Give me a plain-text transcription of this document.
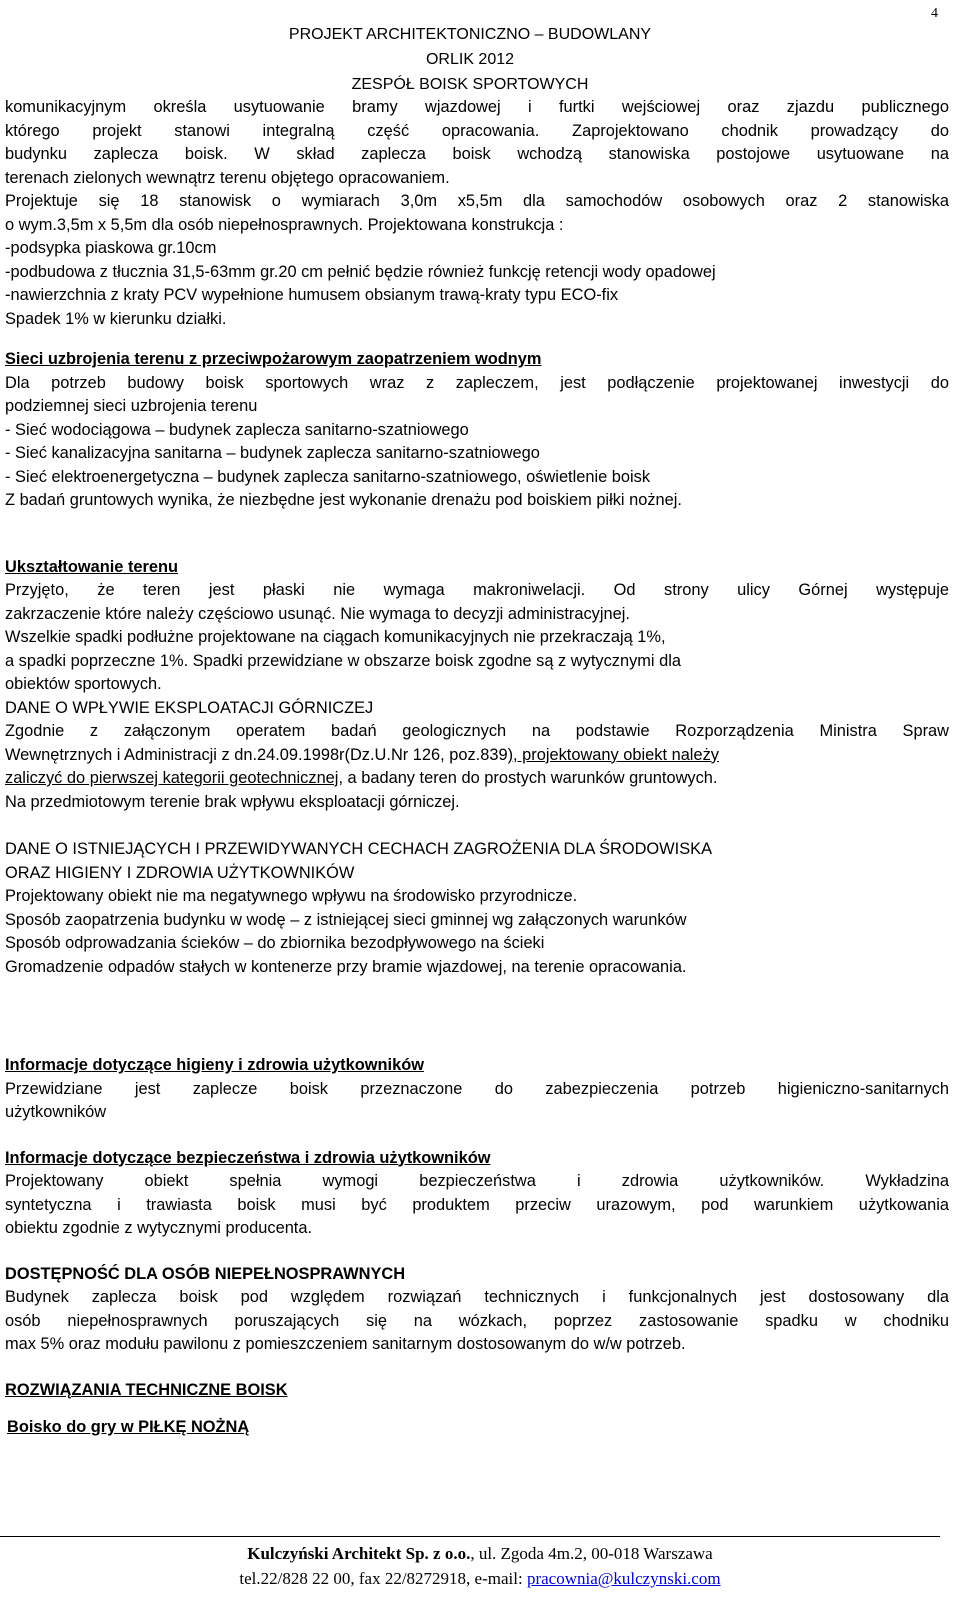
4
PROJEKT ARCHITEKTONICZNO – BUDOWLANY
ORLIK 2012
ZESPÓŁ BOISK SPORTOWYCH

komunikacyjnym określa usytuowanie bramy wjazdowej i furtki wejściowej oraz zjazdu publicznego

którego projekt stanowi integralną część opracowania. Zaprojektowano chodnik prowadzący do

budynku zaplecza boisk. W skład zaplecza boisk wchodzą stanowiska postojowe usytuowane na

terenach zielonych wewnątrz terenu objętego opracowaniem.

Projektuje się 18 stanowisk o wymiarach 3,0m x5,5m dla samochodów osobowych oraz 2 stanowiska

o wym.3,5m x 5,5m dla osób niepełnosprawnych. Projektowana konstrukcja :

-podsypka piaskowa gr.10cm

-podbudowa z tłucznia 31,5-63mm gr.20 cm pełnić będzie również funkcję retencji wody opadowej

-nawierzchnia z kraty PCV wypełnione humusem obsianym trawą-kraty typu ECO-fix

Spadek 1% w kierunku działki.

Sieci uzbrojenia terenu z przeciwpożarowym zaopatrzeniem wodnym

Dla potrzeb budowy boisk sportowych wraz z zapleczem, jest podłączenie projektowanej inwestycji do

podziemnej sieci uzbrojenia terenu

- Sieć wodociągowa – budynek zaplecza sanitarno-szatniowego

- Sieć kanalizacyjna sanitarna – budynek zaplecza sanitarno-szatniowego

- Sieć elektroenergetyczna – budynek zaplecza sanitarno-szatniowego, oświetlenie boisk

Z badań gruntowych wynika, że niezbędne jest wykonanie drenażu pod boiskiem piłki nożnej.

Ukształtowanie terenu

Przyjęto, że teren jest płaski nie wymaga makroniwelacji. Od strony ulicy Górnej występuje

zakrzaczenie które należy częściowo usunąć. Nie wymaga to decyzji administracyjnej.

Wszelkie spadki podłużne projektowane na ciągach komunikacyjnych nie przekraczają 1%,

a spadki poprzeczne 1%. Spadki przewidziane w obszarze boisk zgodne są z wytycznymi dla

obiektów sportowych.

DANE O WPŁYWIE EKSPLOATACJI GÓRNICZEJ

Zgodnie z załączonym operatem badań geologicznych na podstawie Rozporządzenia Ministra Spraw

Wewnętrznych i Administracji z dn.24.09.1998r(Dz.U.Nr 126, poz.839), projektowany obiekt należy

zaliczyć do pierwszej kategorii geotechnicznej, a badany teren do prostych warunków gruntowych.

Na przedmiotowym terenie brak wpływu eksploatacji górniczej.

DANE O ISTNIEJĄCYCH I PRZEWIDYWANYCH CECHACH ZAGROŻENIA DLA ŚRODOWISKA

ORAZ HIGIENY I ZDROWIA UŻYTKOWNIKÓW

Projektowany obiekt nie ma negatywnego wpływu na środowisko przyrodnicze.

Sposób zaopatrzenia budynku w wodę – z istniejącej sieci gminnej wg załączonych warunków

Sposób odprowadzania ścieków – do zbiornika bezodpływowego na ścieki

Gromadzenie odpadów stałych w kontenerze przy bramie wjazdowej, na terenie opracowania.

Informacje dotyczące higieny i zdrowia użytkowników

Przewidziane jest zaplecze boisk przeznaczone do zabezpieczenia potrzeb higieniczno-sanitarnych

użytkowników

Informacje dotyczące bezpieczeństwa i zdrowia użytkowników

Projektowany obiekt spełnia wymogi bezpieczeństwa i zdrowia użytkowników. Wykładzina

syntetyczna i trawiasta boisk musi być produktem przeciw urazowym, pod warunkiem użytkowania

obiektu zgodnie z wytycznymi producenta.

DOSTĘPNOŚĆ DLA OSÓB NIEPEŁNOSPRAWNYCH

Budynek zaplecza boisk pod względem rozwiązań technicznych i funkcjonalnych jest dostosowany dla

osób niepełnosprawnych poruszających się na wózkach, poprzez zastosowanie spadku w chodniku

max 5% oraz modułu pawilonu z pomieszczeniem sanitarnym dostosowanym do w/w potrzeb.

ROZWIĄZANIA TECHNICZNE BOISK

Boisko do gry w PIŁKĘ NOŻNĄ

Kulczyński Architekt Sp. z o.o., ul. Zgoda 4m.2, 00-018 Warszawa
tel.22/828 22 00, fax 22/8272918, e-mail: pracownia@kulczynski.com
